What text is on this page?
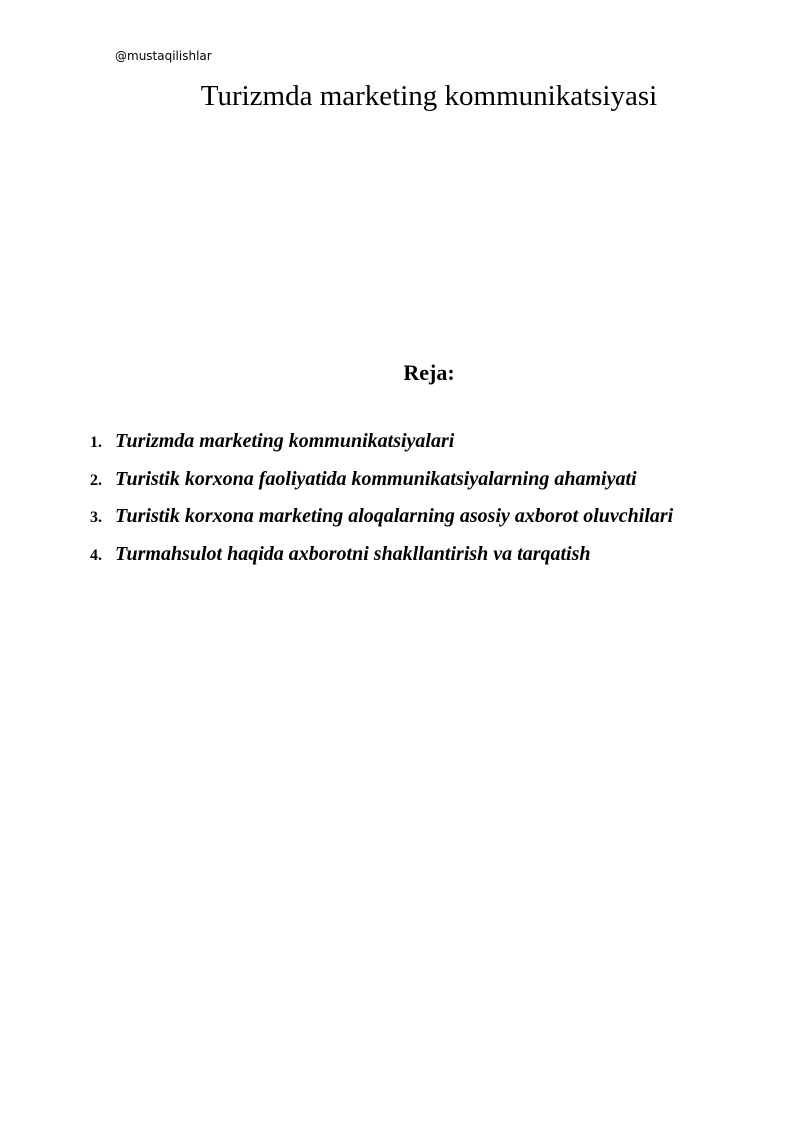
@mustaqilishlar
Turizmda marketing kommunikatsiyasi
Reja:
1. Turizmda marketing kommunikatsiyalari
2. Turistik korxona faoliyatida kommunikatsiyalarning ahamiyati
3. Turistik korxona marketing aloqalarning asosiy axborot oluvchilari
4. Turmahsulot haqida axborotni shakllantirish va tarqatish
